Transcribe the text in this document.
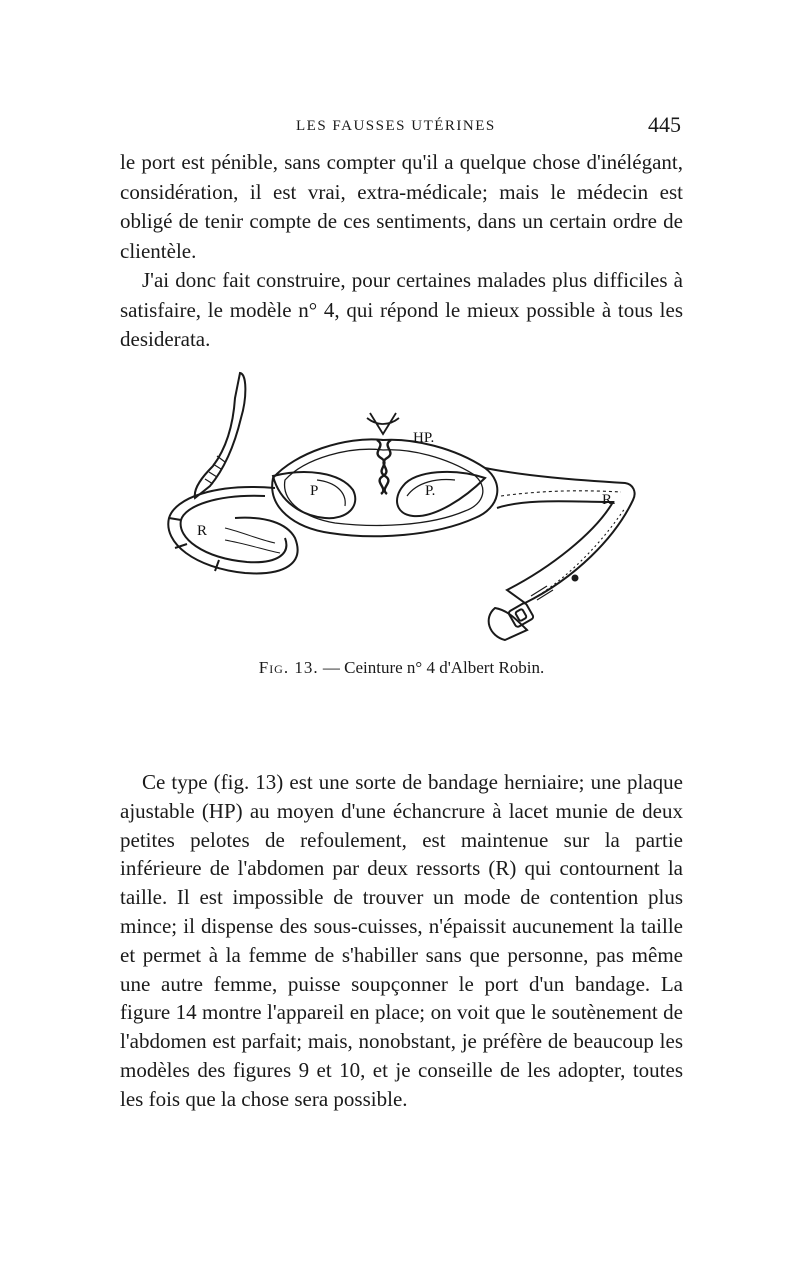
LES FAUSSES UTÉRINES	445

le port est pénible, sans compter qu'il a quelque chose d'inélégant, considération, il est vrai, extra-médicale; mais le médecin est obligé de tenir compte de ces sentiments, dans un certain ordre de clientèle.

J'ai donc fait construire, pour certaines malades plus difficiles à satisfaire, le modèle n° 4, qui répond le mieux possible à tous les desiderata.

HP.
P	P.
R
R.
Fig. 13. — Ceinture n° 4 d'Albert Robin.

Ce type (fig. 13) est une sorte de bandage herniaire; une plaque ajustable (HP) au moyen d'une échancrure à lacet munie de deux petites pelotes de refoulement, est maintenue sur la partie inférieure de l'abdomen par deux ressorts (R) qui contournent la taille. Il est impossible de trouver un mode de contention plus mince; il dispense des sous-cuisses, n'épaissit aucunement la taille et permet à la femme de s'habiller sans que personne, pas même une autre femme, puisse soupçonner le port d'un bandage. La figure 14 montre l'appareil en place; on voit que le soutènement de l'abdomen est parfait; mais, nonobstant, je préfère de beaucoup les modèles des figures 9 et 10, et je conseille de les adopter, toutes les fois que la chose sera possible.
